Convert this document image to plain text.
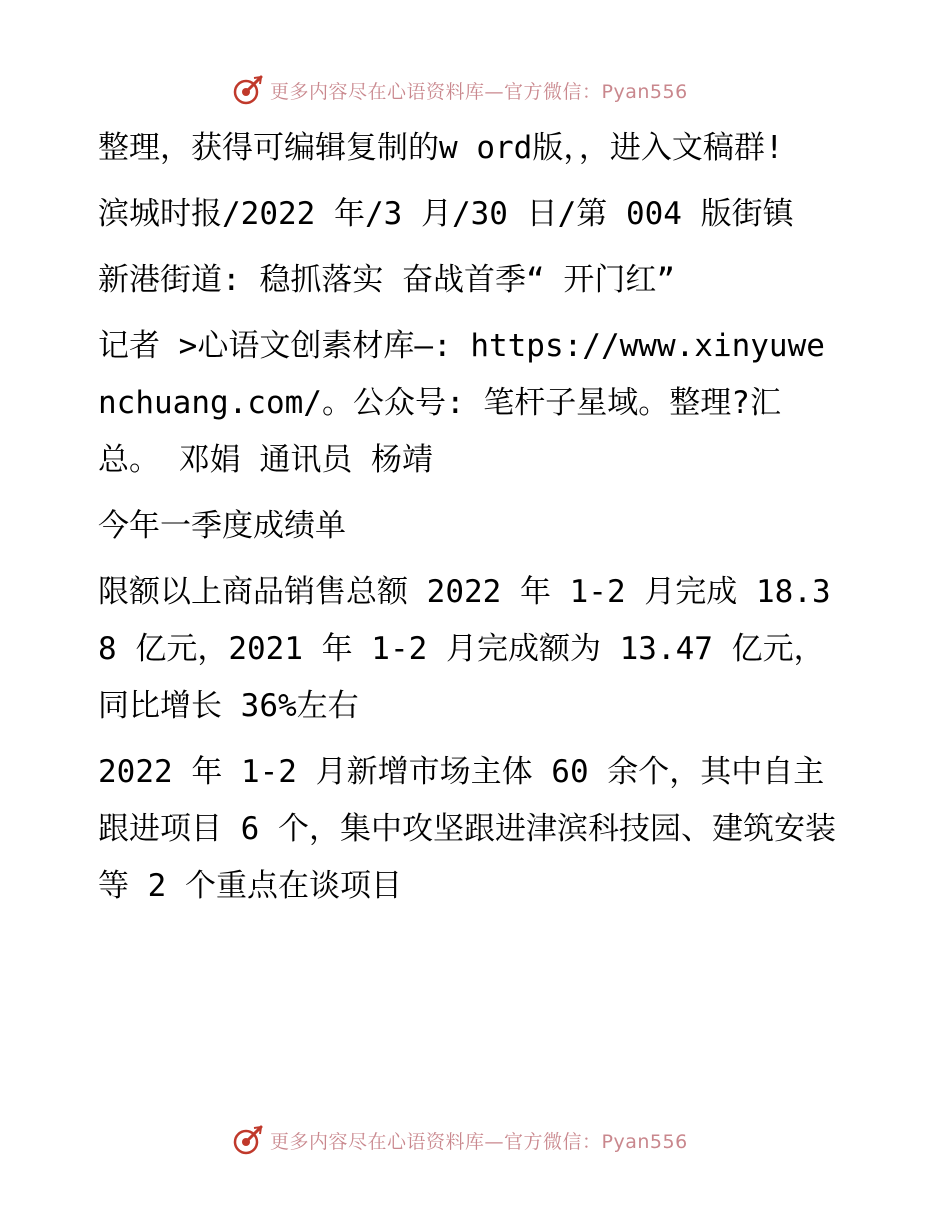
更多内容尽在心语资料库—官方微信：Pyan556

整理，获得可编辑复制的w ord版，，进入文稿群!

滨城时报/2022 年/3 月/30 日/第 004 版街镇

新港街道: 稳抓落实 奋战首季“ 开门红”

记者 >心语文创素材库—: https://www.xinyuwenchuang.com/。公众号: 笔杆子星域。整理?汇总。 邓娟 通讯员 杨靖

今年一季度成绩单

限额以上商品销售总额 2022 年 1-2 月完成 18.38 亿元，2021 年 1-2 月完成额为 13.47 亿元，同比增长 36%左右

2022 年 1-2 月新增市场主体 60 余个，其中自主跟进项目 6 个，集中攻坚跟进津滨科技园、建筑安装等 2 个重点在谈项目

更多内容尽在心语资料库—官方微信：Pyan556
